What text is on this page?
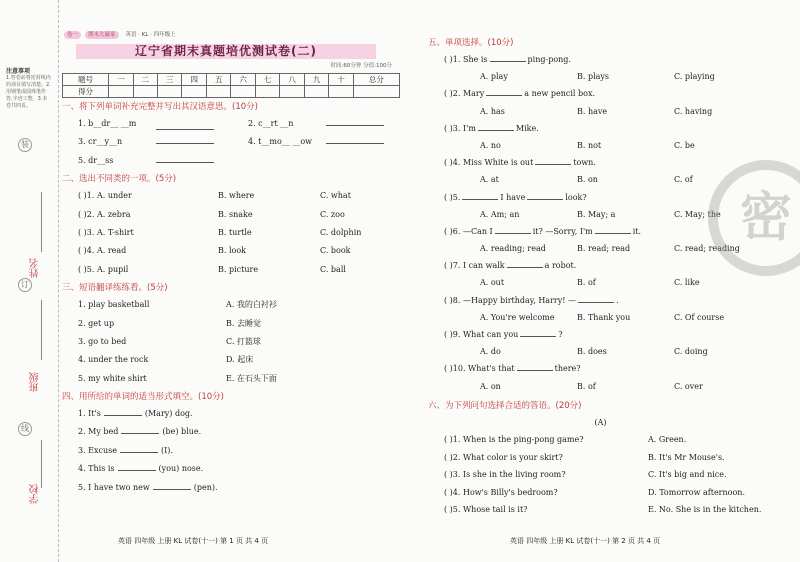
注意事项
1.答卷前将密封线内的项目填写清楚。2.用钢笔或圆珠笔作答,字迹工整。3.本卷共四页。
装
订
线
姓名
班级
学校
卷一 期末大赢家 英语 · KL · 四年级上
辽宁省期末真题培优测试卷(二)
时间:60分钟 分值:100分
题号	一	二	三	四	五	六	七	八	九	十	总分
得分											
一、将下列单词补充完整并写出其汉语意思。(10分)
1. b__dr__ __m	2. c__rt __n
3. cr__y__n	4. t__mo__ __ow
5. dr__ss
二、选出不同类的一项。(5分)
( )1. A. under	B. where	C. what
( )2. A. zebra	B. snake	C. zoo
( )3. A. T-shirt	B. turtle	C. dolphin
( )4. A. read	B. look	C. book
( )5. A. pupil	B. picture	C. ball
三、短语翻译练练看。(5分)
1. play basketball	A. 我的白衬衫
2. get up	B. 去睡觉
3. go to bed	C. 打篮球
4. under the rock	D. 起床
5. my white shirt	E. 在石头下面
四、用所给的单词的适当形式填空。(10分)
1. It's	(Mary) dog.
2. My bed	(be) blue.
3. Excuse	(I).
4. This is	(you) nose.
5. I have two new	(pen).
五、单项选择。(10分)
( )1. She is	ping-pong.
A. play	B. plays	C. playing
( )2. Mary	a new pencil box.
A. has	B. have	C. having
( )3. I'm	Mike.
A. no	B. not	C. be
( )4. Miss White is out	town.
A. at	B. on	C. of
( )5.	I have	look?
A. Am; an	B. May; a	C. May; the
( )6. —Can I	it? —Sorry, I'm	it.
A. reading; read	B. read; read	C. read; reading
( )7. I can walk	a robot.
A. out	B. of	C. like
( )8. —Happy birthday, Harry! —	.
A. You're welcome	B. Thank you	C. Of course
( )9. What can you	?
A. do	B. does	C. doing
( )10. What's that	there?
A. on	B. of	C. over
六、为下列问句选择合适的答语。(20分)
(A)
( )1. When is the ping-pong game?	A. Green.
( )2. What color is your skirt?	B. It's Mr Mouse's.
( )3. Is she in the living room?	C. It's big and nice.
( )4. How's Billy's bedroom?	D. Tomorrow afternoon.
( )5. Whose tail is it?	E. No. She is in the kitchen.
密
英语 四年级 上册 KL 试卷(十一) 第 1 页 共 4 页	英语 四年级 上册 KL 试卷(十一) 第 2 页 共 4 页
